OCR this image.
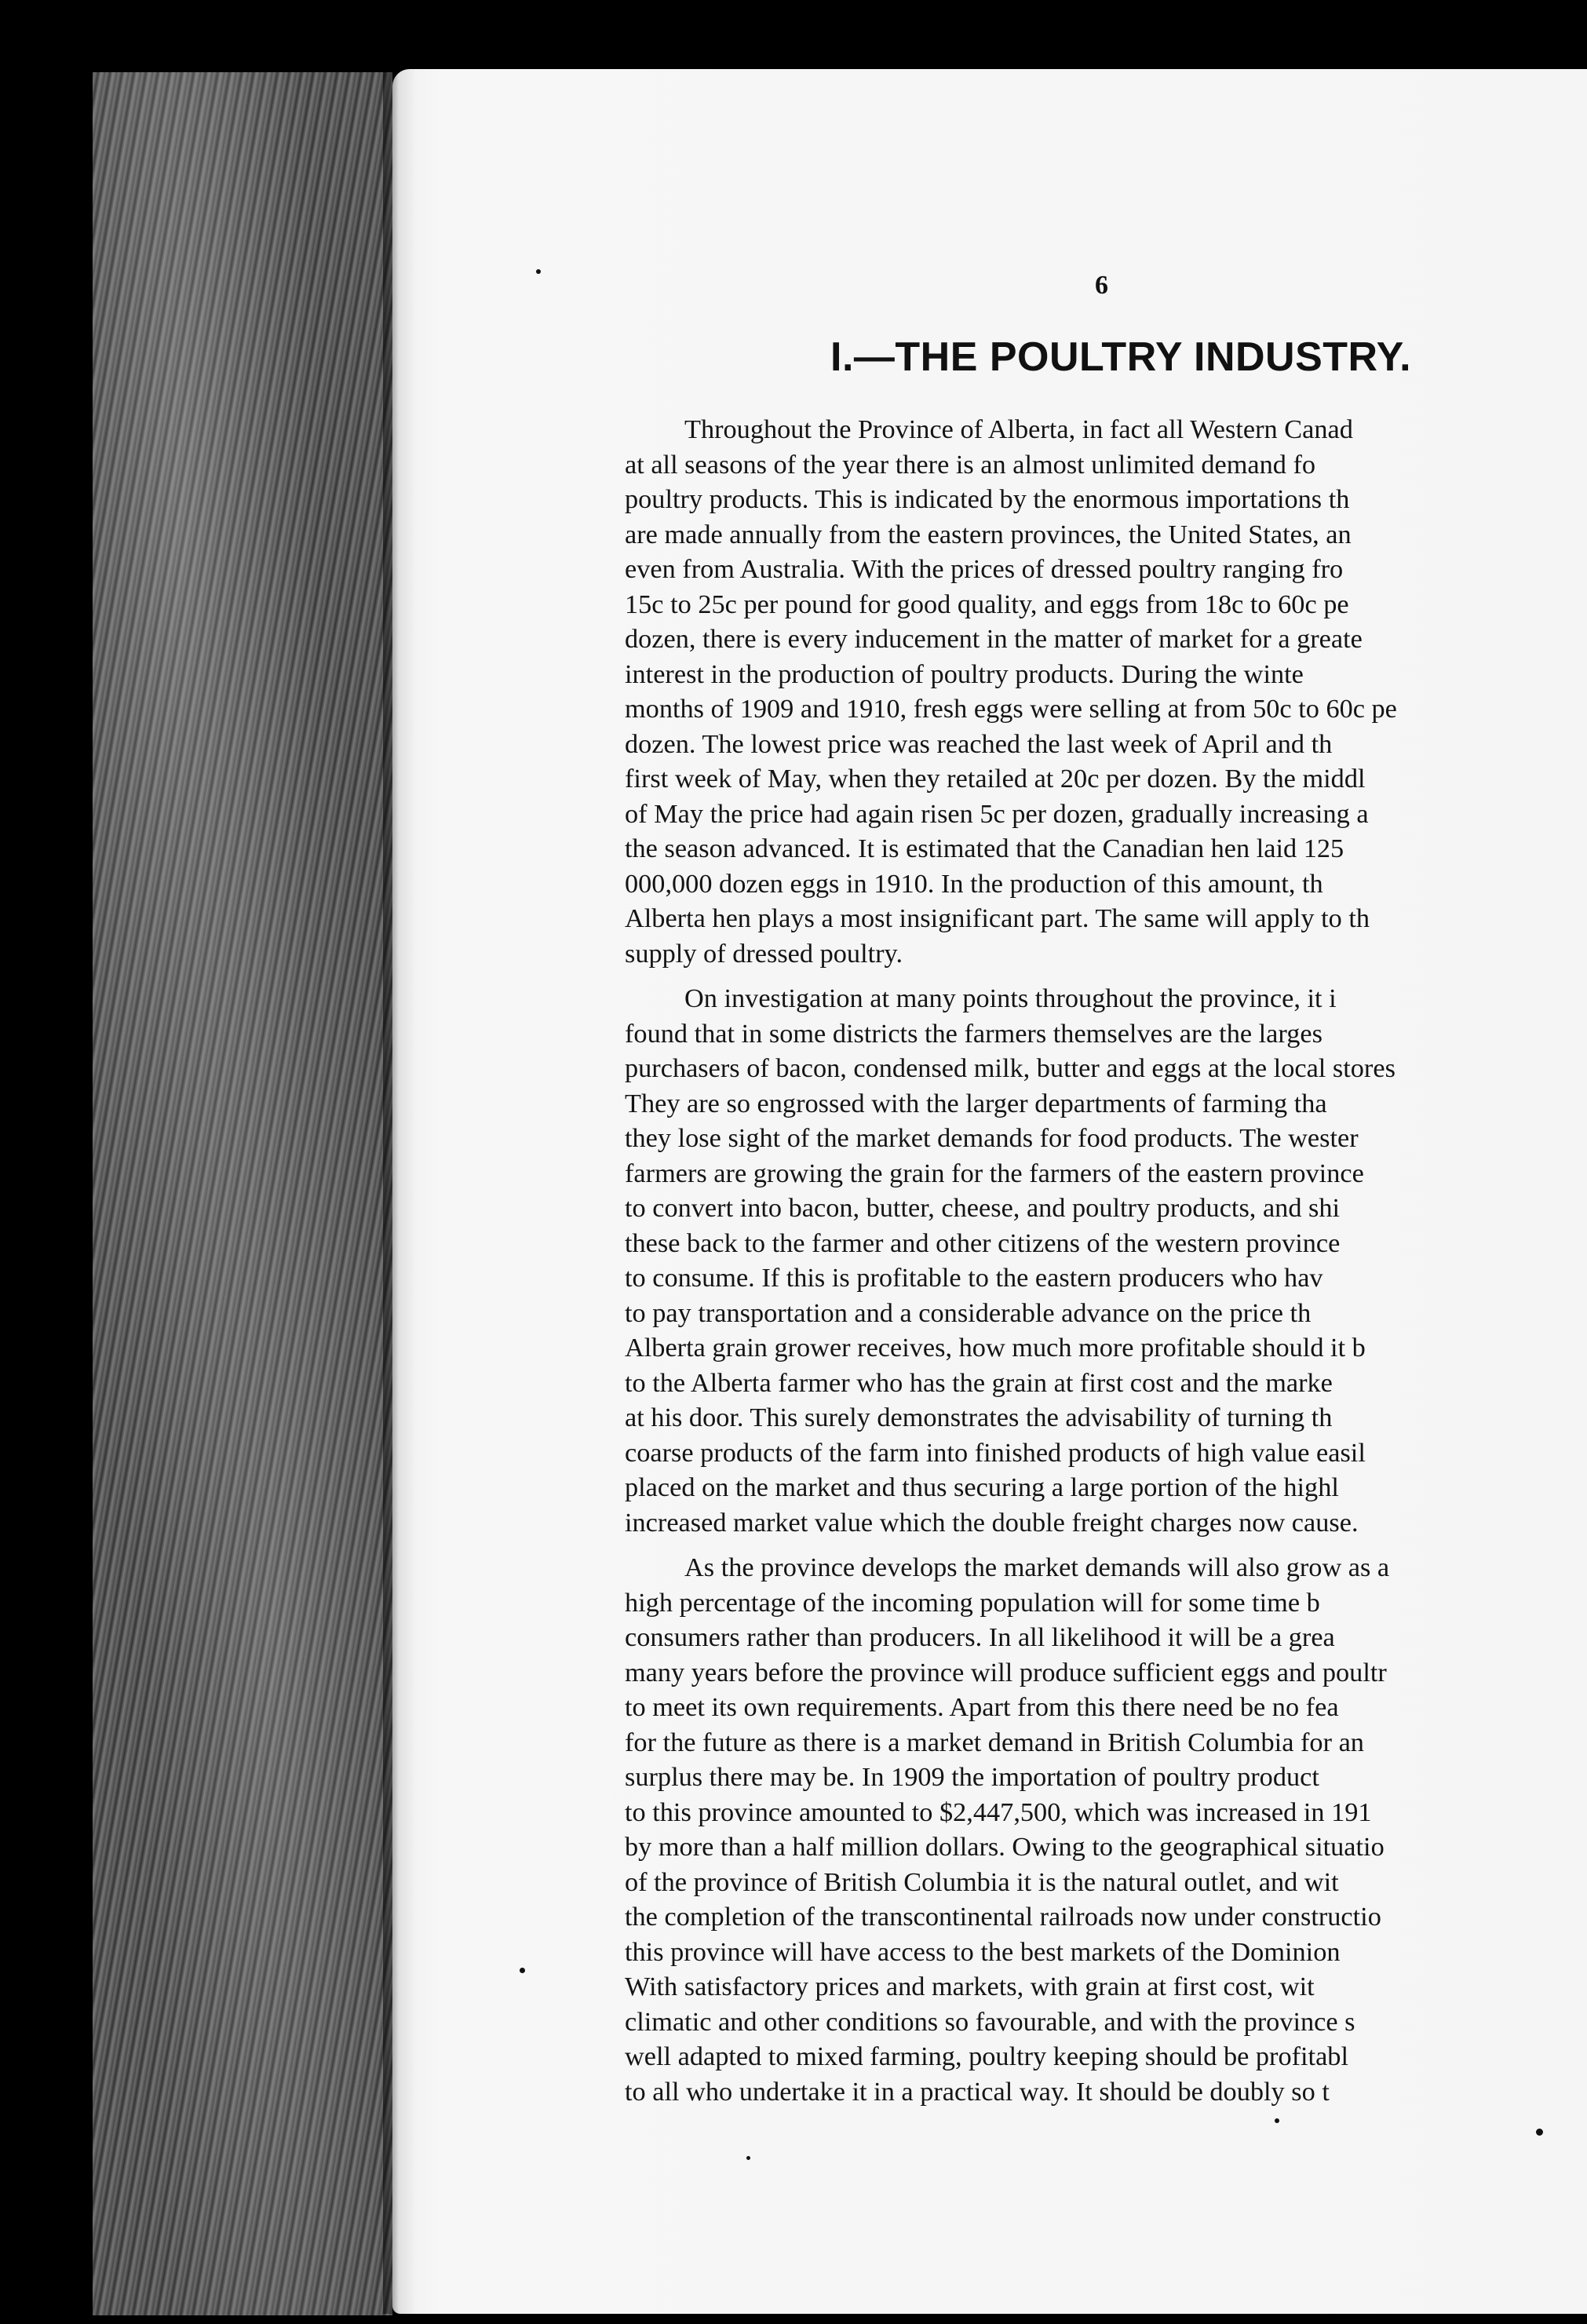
6
I.—THE POULTRY INDUSTRY.
Throughout the Province of Alberta, in fact all Western Canad
at all seasons of the year there is an almost unlimited demand fo
poultry products. This is indicated by the enormous importations th
are made annually from the eastern provinces, the United States, an
even from Australia. With the prices of dressed poultry ranging fro
15c to 25c per pound for good quality, and eggs from 18c to 60c pe
dozen, there is every inducement in the matter of market for a greate
interest in the production of poultry products. During the winte
months of 1909 and 1910, fresh eggs were selling at from 50c to 60c pe
dozen. The lowest price was reached the last week of April and th
first week of May, when they retailed at 20c per dozen. By the middl
of May the price had again risen 5c per dozen, gradually increasing a
the season advanced. It is estimated that the Canadian hen laid 125
000,000 dozen eggs in 1910. In the production of this amount, th
Alberta hen plays a most insignificant part. The same will apply to th
supply of dressed poultry.
On investigation at many points throughout the province, it i
found that in some districts the farmers themselves are the larges
purchasers of bacon, condensed milk, butter and eggs at the local stores
They are so engrossed with the larger departments of farming tha
they lose sight of the market demands for food products. The wester
farmers are growing the grain for the farmers of the eastern province
to convert into bacon, butter, cheese, and poultry products, and shi
these back to the farmer and other citizens of the western province
to consume. If this is profitable to the eastern producers who hav
to pay transportation and a considerable advance on the price th
Alberta grain grower receives, how much more profitable should it b
to the Alberta farmer who has the grain at first cost and the marke
at his door. This surely demonstrates the advisability of turning th
coarse products of the farm into finished products of high value easil
placed on the market and thus securing a large portion of the highl
increased market value which the double freight charges now cause.
As the province develops the market demands will also grow as a
high percentage of the incoming population will for some time b
consumers rather than producers. In all likelihood it will be a grea
many years before the province will produce sufficient eggs and poultr
to meet its own requirements. Apart from this there need be no fea
for the future as there is a market demand in British Columbia for an
surplus there may be. In 1909 the importation of poultry product
to this province amounted to $2,447,500, which was increased in 191
by more than a half million dollars. Owing to the geographical situatio
of the province of British Columbia it is the natural outlet, and wit
the completion of the transcontinental railroads now under constructio
this province will have access to the best markets of the Dominion
With satisfactory prices and markets, with grain at first cost, wit
climatic and other conditions so favourable, and with the province s
well adapted to mixed farming, poultry keeping should be profitabl
to all who undertake it in a practical way. It should be doubly so t
